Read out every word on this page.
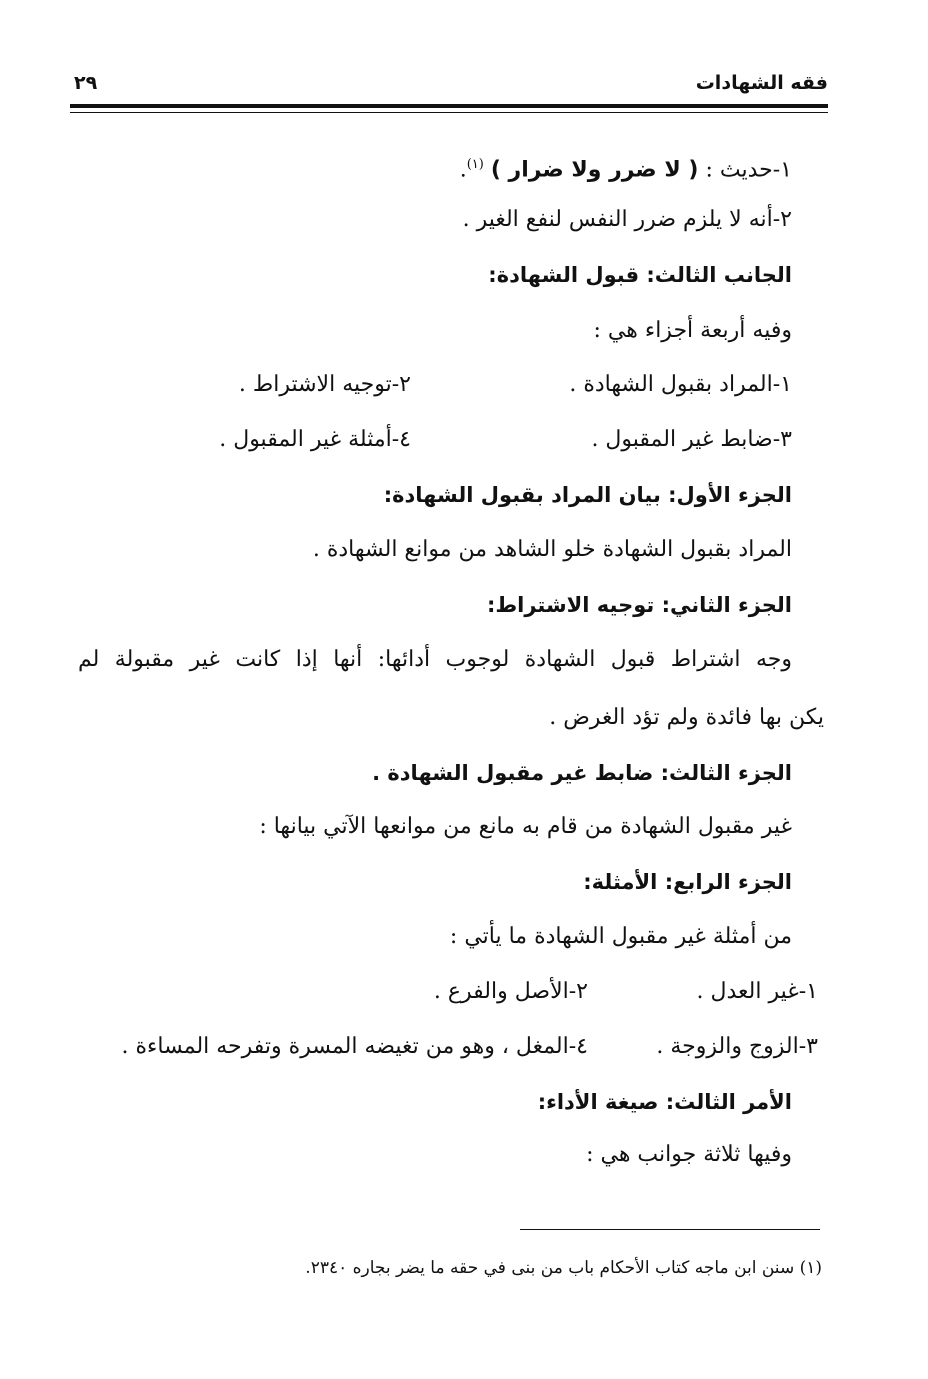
فقه الشهادات
٢٩
١-حديث : ( لا ضرر ولا ضرار ) $^{(١)}$.
٢-أنه لا يلزم ضرر النفس لنفع الغير .
الجانب الثالث: قبول الشهادة:
وفيه أربعة أجزاء هي :
١-المراد بقبول الشهادة .
٢-توجيه الاشتراط .
٣-ضابط غير المقبول .
٤-أمثلة غير المقبول .
الجزء الأول: بيان المراد بقبول الشهادة:
المراد بقبول الشهادة خلو الشاهد من موانع الشهادة .
الجزء الثاني: توجيه الاشتراط:
وجه اشتراط قبول الشهادة لوجوب أدائها: أنها إذا كانت غير مقبولة لم
يكن بها فائدة ولم تؤد الغرض .
الجزء الثالث: ضابط غير مقبول الشهادة .
غير مقبول الشهادة من قام به مانع من موانعها الآتي بيانها :
الجزء الرابع: الأمثلة:
من أمثلة غير مقبول الشهادة ما يأتي :
١-غير العدل .
٢-الأصل والفرع .
٣-الزوج والزوجة .
٤-المغل ، وهو من تغيضه المسرة وتفرحه المساءة .
الأمر الثالث: صيغة الأداء:
وفيها ثلاثة جوانب هي :
(١) سنن ابن ماجه كتاب الأحكام باب من بنى في حقه ما يضر بجاره ٢٣٤٠.
